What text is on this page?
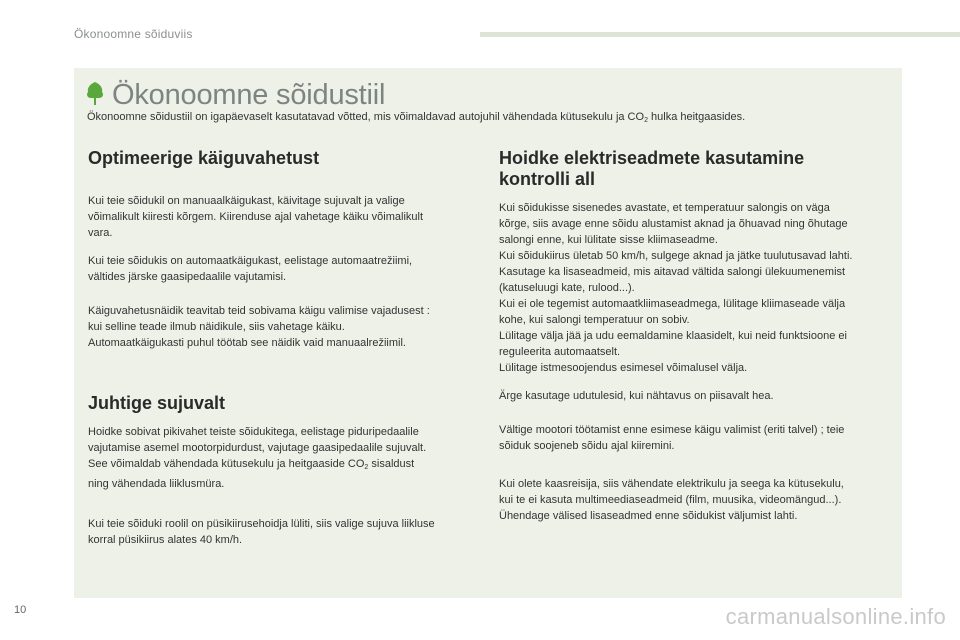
Ökonoomne sõiduviis
Ökonoomne sõidustiil
Ökonoomne sõidustiil on igapäevaselt kasutatavad võtted, mis võimaldavad autojuhil vähendada kütusekulu ja $CO_2$ hulka heitgaasides.
Optimeerige käiguvahetust

Kui teie sõidukil on manuaalkäigukast, käivitage sujuvalt ja valige
võimalikult kiiresti kõrgem. Kiirenduse ajal vahetage käiku võimalikult
vara.

Kui teie sõidukis on automaatkäigukast, eelistage automaatrežiimi,
vältides järske gaasipedaalile vajutamisi.

Käiguvahetusnäidik teavitab teid sobivama käigu valimise vajadusest :
kui selline teade ilmub näidikule, siis vahetage käiku.
Automaatkäigukasti puhul töötab see näidik vaid manuaalrežiimil.

Juhtige sujuvalt

Hoidke sobivat pikivahet teiste sõidukitega, eelistage piduripedaalile
vajutamise asemel mootorpidurdust, vajutage gaasipedaalile sujuvalt.
See võimaldab vähendada kütusekulu ja heitgaaside $CO_2$ sisaldust
ning vähendada liiklusmüra.

Kui teie sõiduki roolil on püsikiirusehoidja lüliti, siis valige sujuva liikluse
korral püsikiirus alates 40 km/h.

Hoidke elektriseadmete kasutamine kontrolli all

Kui sõidukisse sisenedes avastate, et temperatuur salongis on väga
kõrge, siis avage enne sõidu alustamist aknad ja õhuavad ning õhutage
salongi enne, kui lülitate sisse kliimaseadme.
Kui sõidukiirus ületab 50 km/h, sulgege aknad ja jätke tuulutusavad lahti.
Kasutage ka lisaseadmeid, mis aitavad vältida salongi ülekuumenemist
(katuseluugi kate, rulood...).
Kui ei ole tegemist automaatkliimaseadmega, lülitage kliimaseade välja
kohe, kui salongi temperatuur on sobiv.
Lülitage välja jää ja udu eemaldamine klaasidelt, kui neid funktsioone ei
reguleerita automaatselt.
Lülitage istmesoojendus esimesel võimalusel välja.

Ärge kasutage udutulesid, kui nähtavus on piisavalt hea.

Vältige mootori töötamist enne esimese käigu valimist (eriti talvel) ; teie
sõiduk soojeneb sõidu ajal kiiremini.

Kui olete kaasreisija, siis vähendate elektrikulu ja seega ka kütusekulu,
kui te ei kasuta multimeediaseadmeid (film, muusika, videomängud...).
Ühendage välised lisaseadmed enne sõidukist väljumist lahti.

10	carmanualsonline.info
